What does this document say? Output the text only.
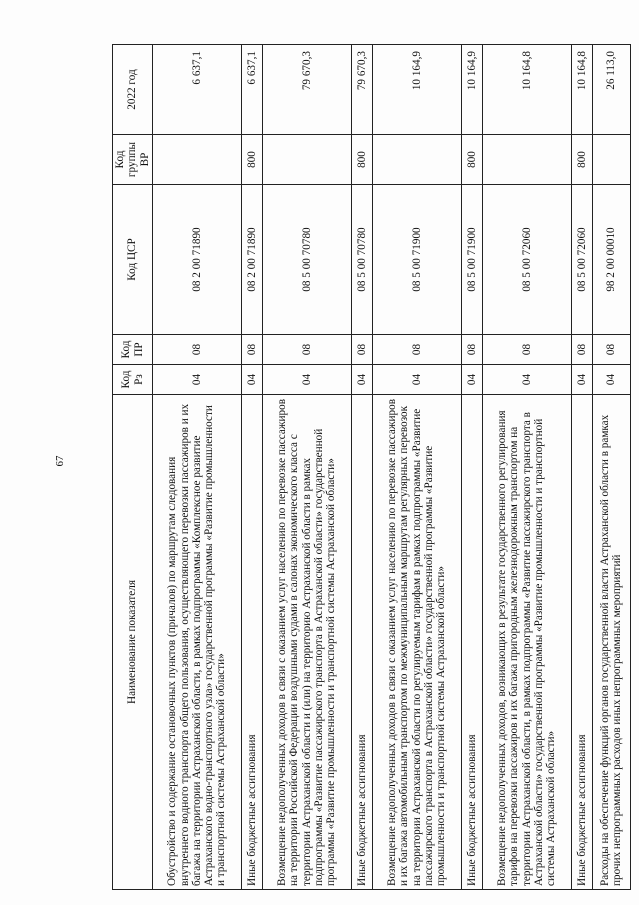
67
Наименование показателя	Код Рз	Код ПР	Код ЦСР	Код группы ВР	2022 год
Обустройство и содержание остановочных пунктов (причалов) по маршрутам следования внутреннего водного транспорта общего пользования, осуществляющего перевозки пассажиров и их багажа на территории Астраханской области, в рамках подпрограммы «Комплексное развитие Астраханского водно-транспортного узла» государственной программы «Развитие промышленности и транспортной системы Астраханской области»	04	08	08 2 00 71890		6 637,1
Иные бюджетные ассигнования	04	08	08 2 00 71890	800	6 637,1
Возмещение недополученных доходов в связи с оказанием услуг населению по перевозке пассажиров на территории Российской Федерации воздушными судами в салонах экономического класса с территории Астраханской области и (или) на территорию Астраханской области в рамках подпрограммы «Развитие пассажирского транспорта в Астраханской области» государственной программы «Развитие промышленности и транспортной системы Астраханской области»	04	08	08 5 00 70780		79 670,3
Иные бюджетные ассигнования	04	08	08 5 00 70780	800	79 670,3
Возмещение недополученных доходов в связи с оказанием услуг населению по перевозке пассажиров и их багажа автомобильным транспортом по межмуниципальным маршрутам регулярных перевозок на территории Астраханской области по регулируемым тарифам в рамках подпрограммы «Развитие пассажирского транспорта в Астраханской области» государственной программы «Развитие промышленности и транспортной системы Астраханской области»	04	08	08 5 00 71900		10 164,9
Иные бюджетные ассигнования	04	08	08 5 00 71900	800	10 164,9
Возмещение недополученных доходов, возникающих в результате государственного регулирования тарифов на перевозки пассажиров и их багажа пригородным железнодорожным транспортом на территории Астраханской области, в рамках подпрограммы «Развитие пассажирского транспорта в Астраханской области» государственной программы «Развитие промышленности и транспортной системы Астраханской области»	04	08	08 5 00 72060		10 164,8
Иные бюджетные ассигнования	04	08	08 5 00 72060	800	10 164,8
Расходы на обеспечение функций органов государственной власти Астраханской области в рамках прочих непрограммных расходов иных непрограммных мероприятий	04	08	98 2 00 00010		26 113,0
